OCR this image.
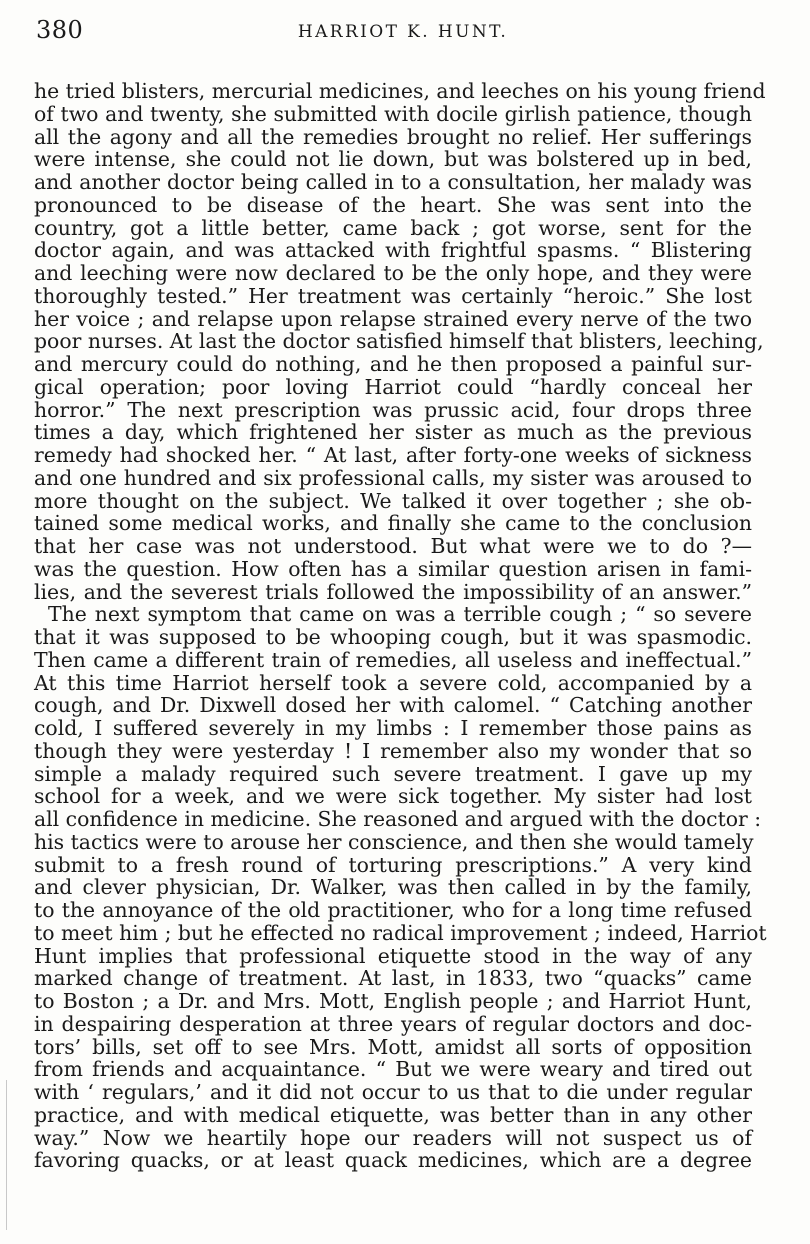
380	HARRIOT K. HUNT.
he tried blisters, mercurial medicines, and leeches on his young friend
of two and twenty, she submitted with docile girlish patience, though
all the agony and all the remedies brought no relief. Her sufferings
were intense, she could not lie down, but was bolstered up in bed,
and another doctor being called in to a consultation, her malady was
pronounced to be disease of the heart. She was sent into the
country, got a little better, came back ; got worse, sent for the
doctor again, and was attacked with frightful spasms. “ Blistering
and leeching were now declared to be the only hope, and they were
thoroughly tested.” Her treatment was certainly “heroic.” She lost
her voice ; and relapse upon relapse strained every nerve of the two
poor nurses. At last the doctor satisfied himself that blisters, leeching,
and mercury could do nothing, and he then proposed a painful sur-
gical operation; poor loving Harriot could “hardly conceal her
horror.” The next prescription was prussic acid, four drops three
times a day, which frightened her sister as much as the previous
remedy had shocked her. “ At last, after forty-one weeks of sickness
and one hundred and six professional calls, my sister was aroused to
more thought on the subject. We talked it over together ; she ob-
tained some medical works, and finally she came to the conclusion
that her case was not understood. But what were we to do ?—
was the question. How often has a similar question arisen in fami-
lies, and the severest trials followed the impossibility of an answer.”
The next symptom that came on was a terrible cough ; “ so severe
that it was supposed to be whooping cough, but it was spasmodic.
Then came a different train of remedies, all useless and ineffectual.”
At this time Harriot herself took a severe cold, accompanied by a
cough, and Dr. Dixwell dosed her with calomel. “ Catching another
cold, I suffered severely in my limbs : I remember those pains as
though they were yesterday ! I remember also my wonder that so
simple a malady required such severe treatment. I gave up my
school for a week, and we were sick together. My sister had lost
all confidence in medicine. She reasoned and argued with the doctor :
his tactics were to arouse her conscience, and then she would tamely
submit to a fresh round of torturing prescriptions.” A very kind
and clever physician, Dr. Walker, was then called in by the family,
to the annoyance of the old practitioner, who for a long time refused
to meet him ; but he effected no radical improvement ; indeed, Harriot
Hunt implies that professional etiquette stood in the way of any
marked change of treatment. At last, in 1833, two “quacks” came
to Boston ; a Dr. and Mrs. Mott, English people ; and Harriot Hunt,
in despairing desperation at three years of regular doctors and doc-
tors’ bills, set off to see Mrs. Mott, amidst all sorts of opposition
from friends and acquaintance. “ But we were weary and tired out
with ‘ regulars,’ and it did not occur to us that to die under regular
practice, and with medical etiquette, was better than in any other
way.” Now we heartily hope our readers will not suspect us of
favoring quacks, or at least quack medicines, which are a degree
